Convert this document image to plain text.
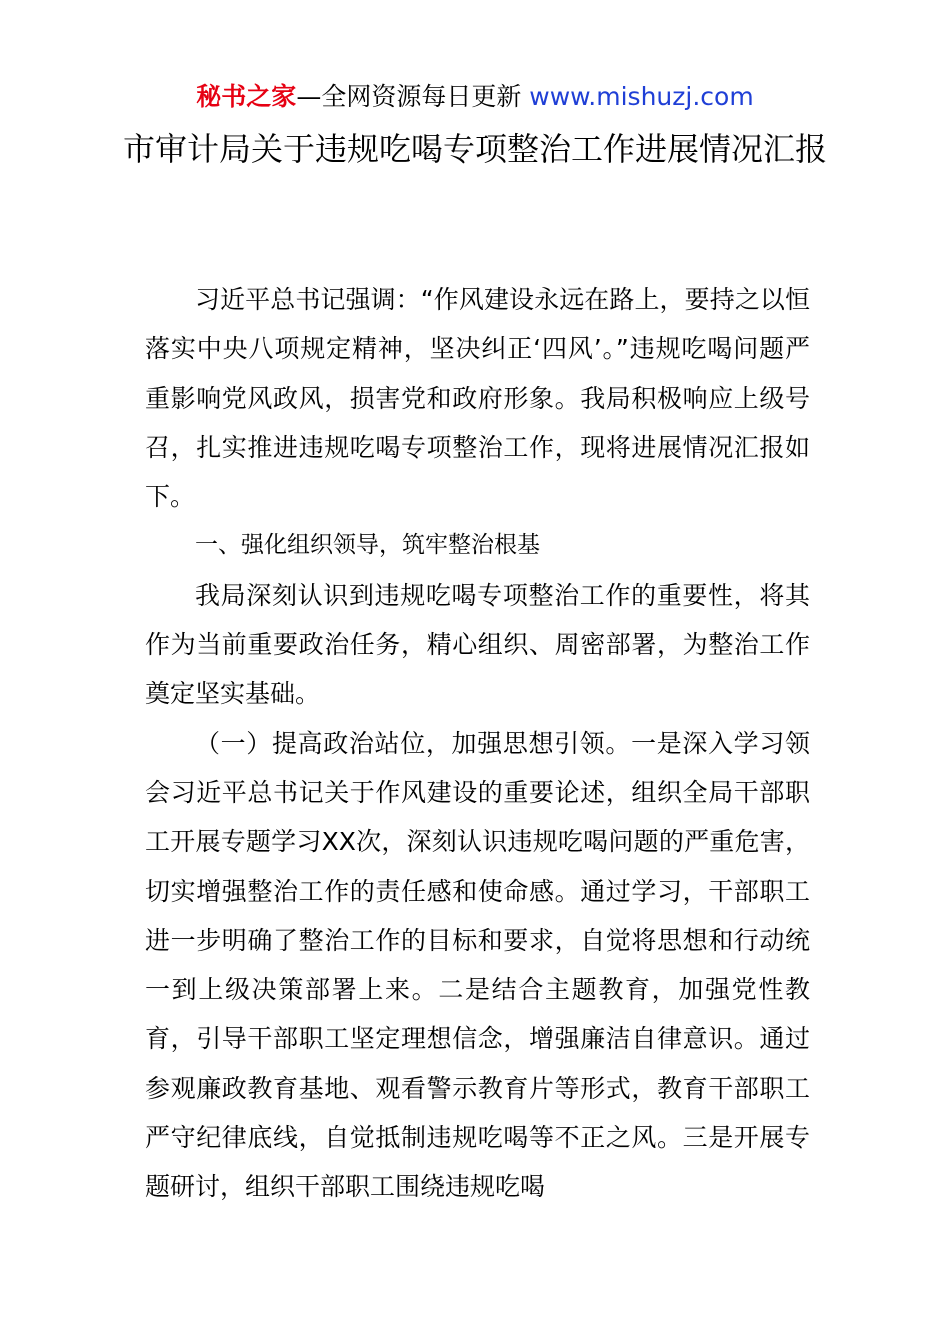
秘书之家—全网资源每日更新 www.mishuzj.com
市审计局关于违规吃喝专项整治工作进展情况汇报

习近平总书记强调：“作风建设永远在路上，要持之以恒落实中央八项规定精神，坚决纠正‘四风’。”违规吃喝问题严重影响党风政风，损害党和政府形象。我局积极响应上级号召，扎实推进违规吃喝专项整治工作，现将进展情况汇报如下。

一、强化组织领导，筑牢整治根基

我局深刻认识到违规吃喝专项整治工作的重要性，将其作为当前重要政治任务，精心组织、周密部署，为整治工作奠定坚实基础。

（一）提高政治站位，加强思想引领。一是深入学习领会习近平总书记关于作风建设的重要论述，组织全局干部职工开展专题学习XX次，深刻认识违规吃喝问题的严重危害，切实增强整治工作的责任感和使命感。通过学习，干部职工进一步明确了整治工作的目标和要求，自觉将思想和行动统一到上级决策部署上来。二是结合主题教育，加强党性教育，引导干部职工坚定理想信念，增强廉洁自律意识。通过参观廉政教育基地、观看警示教育片等形式，教育干部职工严守纪律底线，自觉抵制违规吃喝等不正之风。三是开展专题研讨，组织干部职工围绕违规吃喝
